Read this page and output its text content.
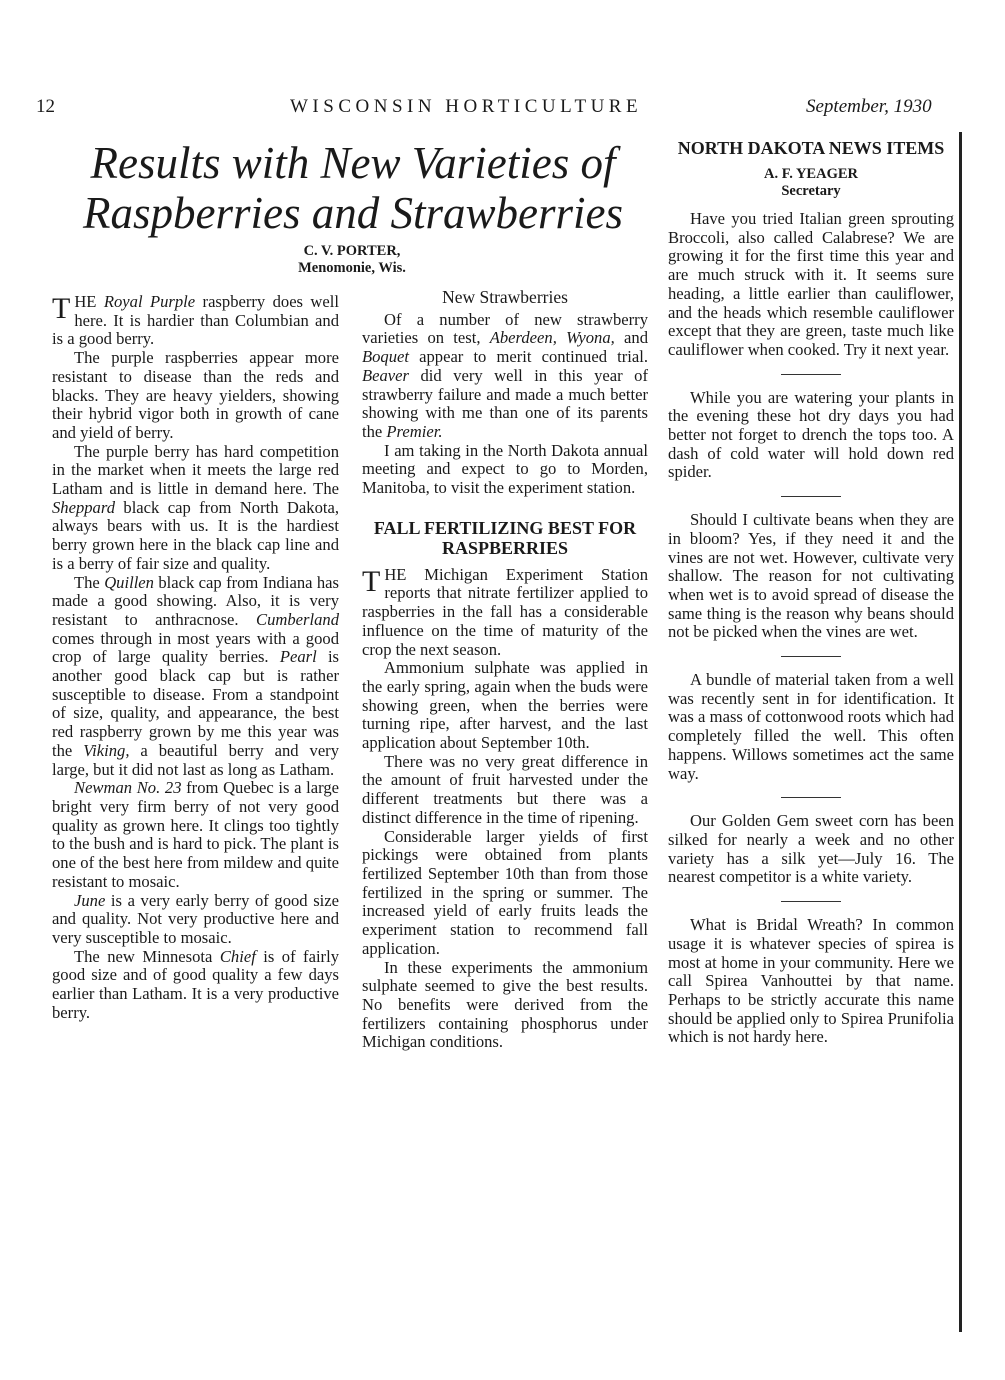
12	WISCONSIN HORTICULTURE	September, 1930
Results with New Varieties of
Raspberries and Strawberries
C. V. PORTER,
Menomonie, Wis.

THE Royal Purple raspberry does well here. It is hardier than Columbian and is a good berry.

The purple raspberries appear more resistant to disease than the reds and blacks. They are heavy yielders, showing their hybrid vigor both in growth of cane and yield of berry.

The purple berry has hard competition in the market when it meets the large red Latham and is little in demand here. The Sheppard black cap from North Dakota, always bears with us. It is the hardiest berry grown here in the black cap line and is a berry of fair size and quality.

The Quillen black cap from Indiana has made a good showing. Also, it is very resistant to anthracnose. Cumberland comes through in most years with a good crop of large quality berries. Pearl is another good black cap but is rather susceptible to disease. From a standpoint of size, quality, and appearance, the best red raspberry grown by me this year was the Viking, a beautiful berry and very large, but it did not last as long as Latham.

Newman No. 23 from Quebec is a large bright very firm berry of not very good quality as grown here. It clings too tightly to the bush and is hard to pick. The plant is one of the best here from mildew and quite resistant to mosaic.

June is a very early berry of good size and quality. Not very productive here and very susceptible to mosaic.

The new Minnesota Chief is of fairly good size and of good quality a few days earlier than Latham. It is a very productive berry.

New Strawberries

Of a number of new strawberry varieties on test, Aberdeen, Wyona, and Boquet appear to merit continued trial. Beaver did very well in this year of strawberry failure and made a much better showing with me than one of its parents the Premier.

I am taking in the North Dakota annual meeting and expect to go to Morden, Manitoba, to visit the experiment station.

FALL FERTILIZING BEST FOR RASPBERRIES

THE Michigan Experiment Station reports that nitrate fertilizer applied to raspberries in the fall has a considerable influence on the time of maturity of the crop the next season.

Ammonium sulphate was applied in the early spring, again when the buds were showing green, when the berries were turning ripe, after harvest, and the last application about September 10th.

There was no very great difference in the amount of fruit harvested under the different treatments but there was a distinct difference in the time of ripening.

Considerable larger yields of first pickings were obtained from plants fertilized September 10th than from those fertilized in the spring or summer. The increased yield of early fruits leads the experiment station to recommend fall application.

In these experiments the ammonium sulphate seemed to give the best results. No benefits were derived from the fertilizers containing phosphorus under Michigan conditions.

NORTH DAKOTA NEWS ITEMS
A. F. YEAGER
Secretary

Have you tried Italian green sprouting Broccoli, also called Calabrese? We are growing it for the first time this year and are much struck with it. It seems sure heading, a little earlier than cauliflower, and the heads which resemble cauliflower except that they are green, taste much like cauliflower when cooked. Try it next year.

While you are watering your plants in the evening these hot dry days you had better not forget to drench the tops too. A dash of cold water will hold down red spider.

Should I cultivate beans when they are in bloom? Yes, if they need it and the vines are not wet. However, cultivate very shallow. The reason for not cultivating when wet is to avoid spread of disease the same thing is the reason why beans should not be picked when the vines are wet.

A bundle of material taken from a well was recently sent in for identification. It was a mass of cottonwood roots which had completely filled the well. This often happens. Willows sometimes act the same way.

Our Golden Gem sweet corn has been silked for nearly a week and no other variety has a silk yet—July 16. The nearest competitor is a white variety.

What is Bridal Wreath? In common usage it is whatever species of spirea is most at home in your community. Here we call Spirea Vanhouttei by that name. Perhaps to be strictly accurate this name should be applied only to Spirea Prunifolia which is not hardy here.
